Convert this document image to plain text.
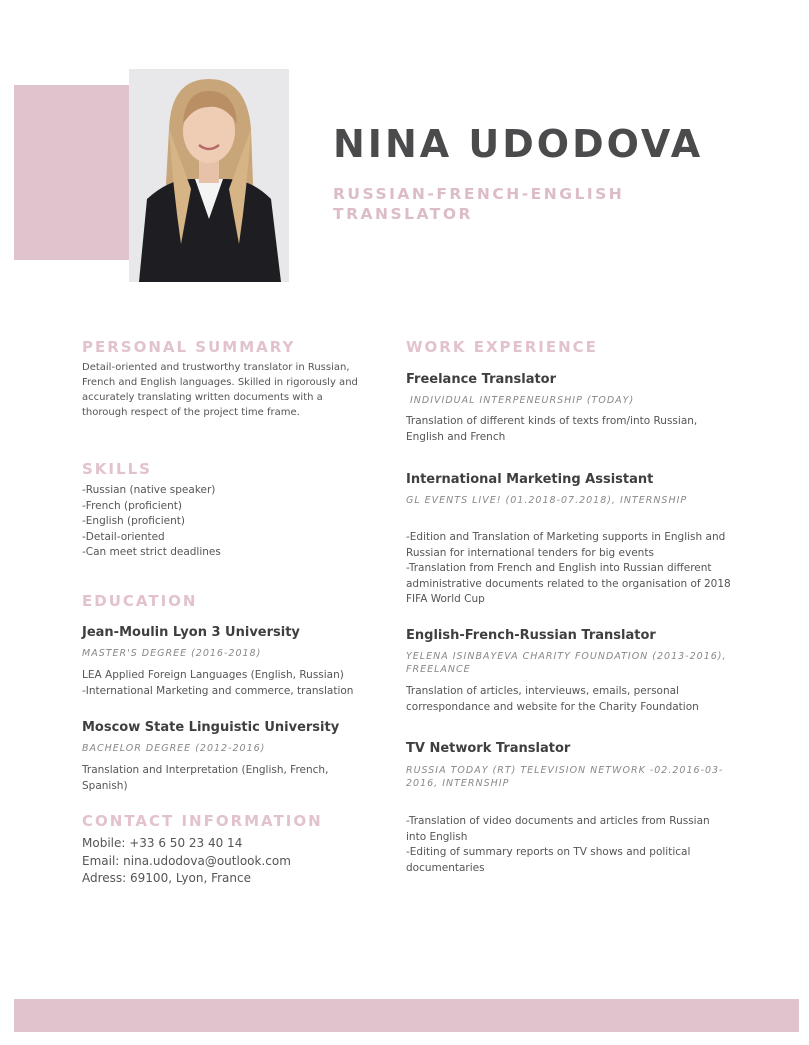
NINA UDODOVA
RUSSIAN-FRENCH-ENGLISH TRANSLATOR
PERSONAL SUMMARY
Detail-oriented and trustworthy translator in Russian, French and English languages. Skilled in rigorously and accurately translating written documents with a thorough respect of the project time frame.
SKILLS
-Russian (native speaker)
-French (proficient)
-English (proficient)
-Detail-oriented
-Can meet strict deadlines
EDUCATION
Jean-Moulin Lyon 3 University
MASTER'S DEGREE (2016-2018)
LEA Applied Foreign Languages (English, Russian)
-International Marketing and commerce, translation
Moscow State Linguistic University
BACHELOR DEGREE (2012-2016)
Translation and Interpretation (English, French, Spanish)
CONTACT INFORMATION
Mobile: +33 6 50 23 40 14
Email: nina.udodova@outlook.com
Adress: 69100, Lyon, France
WORK EXPERIENCE
Freelance Translator
INDIVIDUAL INTERPENEURSHIP (TODAY)
Translation of different kinds of texts from/into Russian, English and French
International Marketing Assistant
GL EVENTS LIVE! (01.2018-07.2018), INTERNSHIP
-Edition and Translation of Marketing supports in English and Russian for international tenders for big events
-Translation from French and English into Russian different administrative documents related to the organisation of 2018 FIFA World Cup
English-French-Russian Translator
YELENA ISINBAYEVA CHARITY FOUNDATION (2013-2016), FREELANCE
Translation of articles, intervieuws, emails, personal correspondance and website for the Charity Foundation
TV Network Translator
RUSSIA TODAY (RT) TELEVISION NETWORK -02.2016-03-2016, INTERNSHIP
-Translation of video documents and articles from Russian into English
-Editing of summary reports on TV shows and political documentaries
